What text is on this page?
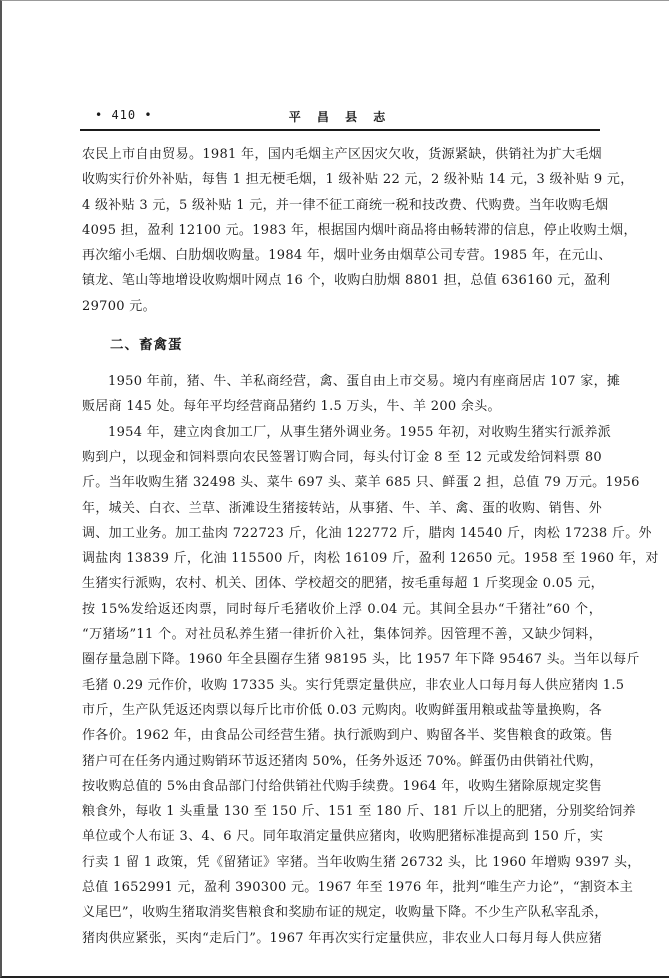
• 410 •	平 昌 县 志
农民上市自由贸易。1981 年，国内毛烟主产区因灾欠收，货源紧缺，供销社为扩大毛烟
收购实行价外补贴，每售 1 担无梗毛烟，1 级补贴 22 元，2 级补贴 14 元，3 级补贴 9 元，
4 级补贴 3 元，5 级补贴 1 元，并一律不征工商统一税和技改费、代购费。当年收购毛烟
4095 担，盈利 12100 元。1983 年，根据国内烟叶商品将由畅转滞的信息，停止收购土烟，
再次缩小毛烟、白肋烟收购量。1984 年，烟叶业务由烟草公司专营。1985 年，在元山、
镇龙、笔山等地增设收购烟叶网点 16 个，收购白肋烟 8801 担，总值 636160 元，盈利
29700 元。
二、畜禽蛋
1950 年前，猪、牛、羊私商经营，禽、蛋自由上市交易。境内有座商居店 107 家，摊
贩居商 145 处。每年平均经营商品猪约 1.5 万头，牛、羊 200 余头。
1954 年，建立肉食加工厂，从事生猪外调业务。1955 年初，对收购生猪实行派养派
购到户，以现金和饲料票向农民签署订购合同，每头付订金 8 至 12 元或发给饲料票 80
斤。当年收购生猪 32498 头、菜牛 697 头、菜羊 685 只、鲜蛋 2 担，总值 79 万元。1956
年，城关、白衣、兰草、浙滩设生猪接转站，从事猪、牛、羊、禽、蛋的收购、销售、外
调、加工业务。加工盐肉 722723 斤，化油 122772 斤，腊肉 14540 斤，肉松 17238 斤。外
调盐肉 13839 斤，化油 115500 斤，肉松 16109 斤，盈利 12650 元。1958 至 1960 年，对
生猪实行派购，农村、机关、团体、学校超交的肥猪，按毛重每超 1 斤奖现金 0.05 元，
按 15%发给返还肉票，同时每斤毛猪收价上浮 0.04 元。其间全县办“千猪社”60 个，
“万猪场”11 个。对社员私养生猪一律折价入社，集体饲养。因管理不善，又缺少饲料，
圈存量急剧下降。1960 年全县圈存生猪 98195 头，比 1957 年下降 95467 头。当年以每斤
毛猪 0.29 元作价，收购 17335 头。实行凭票定量供应，非农业人口每月每人供应猪肉 1.5
市斤，生产队凭返还肉票以每斤比市价低 0.03 元购肉。收购鲜蛋用粮或盐等量换购，各
作各价。1962 年，由食品公司经营生猪。执行派购到户、购留各半、奖售粮食的政策。售
猪户可在任务内通过购销环节返还猪肉 50%，任务外返还 70%。鲜蛋仍由供销社代购，
按收购总值的 5%由食品部门付给供销社代购手续费。1964 年，收购生猪除原规定奖售
粮食外，每收 1 头重量 130 至 150 斤、151 至 180 斤、181 斤以上的肥猪，分别奖给饲养
单位或个人布证 3、4、6 尺。同年取消定量供应猪肉，收购肥猪标准提高到 150 斤，实
行卖 1 留 1 政策，凭《留猪证》宰猪。当年收购生猪 26732 头，比 1960 年增购 9397 头，
总值 1652991 元，盈利 390300 元。1967 年至 1976 年，批判“唯生产力论”，“割资本主
义尾巴”，收购生猪取消奖售粮食和奖励布证的规定，收购量下降。不少生产队私宰乱杀，
猪肉供应紧张，买肉“走后门”。1967 年再次实行定量供应，非农业人口每月每人供应猪
